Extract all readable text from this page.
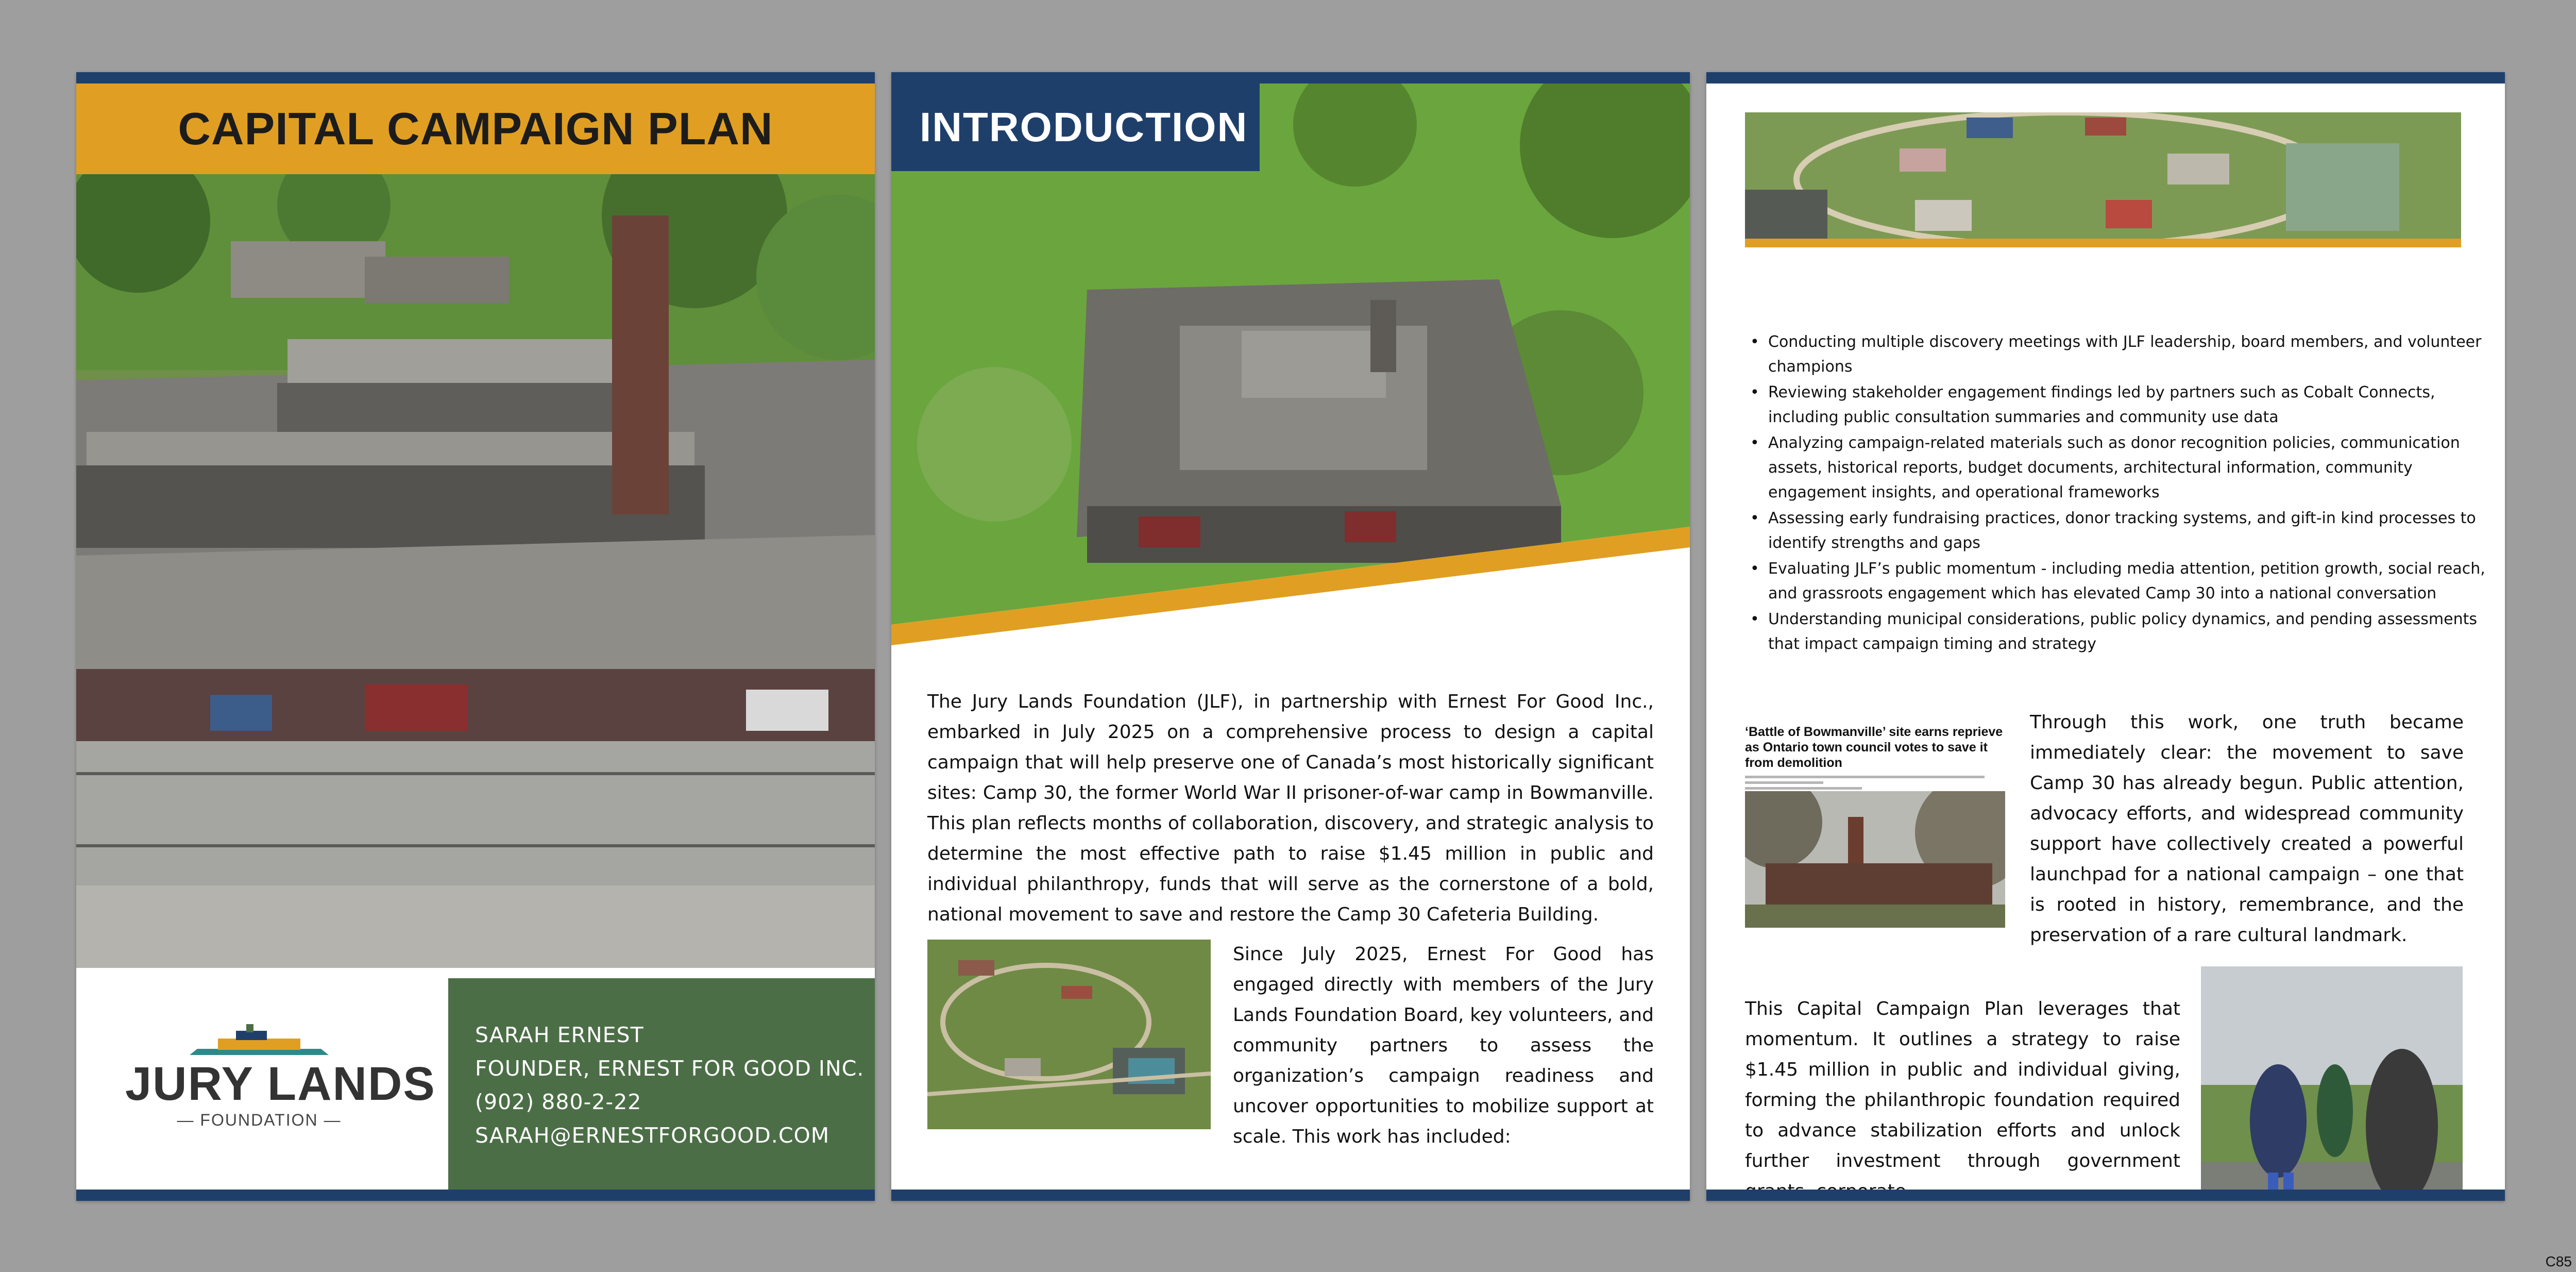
CAPITAL CAMPAIGN PLAN
JURY LANDS
— FOUNDATION —
SARAH ERNEST
FOUNDER, ERNEST FOR GOOD INC.
(902) 880-2-22
SARAH@ERNESTFORGOOD.COM
INTRODUCTION

The Jury Lands Foundation (JLF), in partnership with Ernest For Good Inc., embarked in July 2025 on a comprehensive process to design a capital campaign that will help preserve one of Canada’s most historically significant sites: Camp 30, the former World War II prisoner-of-war camp in Bowmanville. This plan reflects months of collaboration, discovery, and strategic analysis to determine the most effective path to raise $1.45 million in public and individual philanthropy, funds that will serve as the cornerstone of a bold, national movement to save and restore the Camp 30 Cafeteria Building.

Since July 2025, Ernest For Good has engaged directly with members of the Jury Lands Foundation Board, key volunteers, and community partners to assess the organization’s campaign readiness and uncover opportunities to mobilize support at scale. This work has included:

• Conducting multiple discovery meetings with JLF leadership, board members, and volunteer champions
• Reviewing stakeholder engagement findings led by partners such as Cobalt Connects, including public consultation summaries and community use data
• Analyzing campaign-related materials such as donor recognition policies, communication assets, historical reports, budget documents, architectural information, community engagement insights, and operational frameworks
• Assessing early fundraising practices, donor tracking systems, and gift-in kind processes to identify strengths and gaps
• Evaluating JLF’s public momentum - including media attention, petition growth, social reach, and grassroots engagement which has elevated Camp 30 into a national conversation
• Understanding municipal considerations, public policy dynamics, and pending assessments that impact campaign timing and strategy

‘Battle of Bowmanville’ site earns reprieve as Ontario town council votes to save it from demolition

Through this work, one truth became immediately clear: the movement to save Camp 30 has already begun. Public attention, advocacy efforts, and widespread community support have collectively created a powerful launchpad for a national campaign – one that is rooted in history, remembrance, and the preservation of a rare cultural landmark.

This Capital Campaign Plan leverages that momentum. It outlines a strategy to raise $1.45 million in public and individual giving, forming the philanthropic foundation required to advance stabilization efforts and unlock further investment through government

C85
